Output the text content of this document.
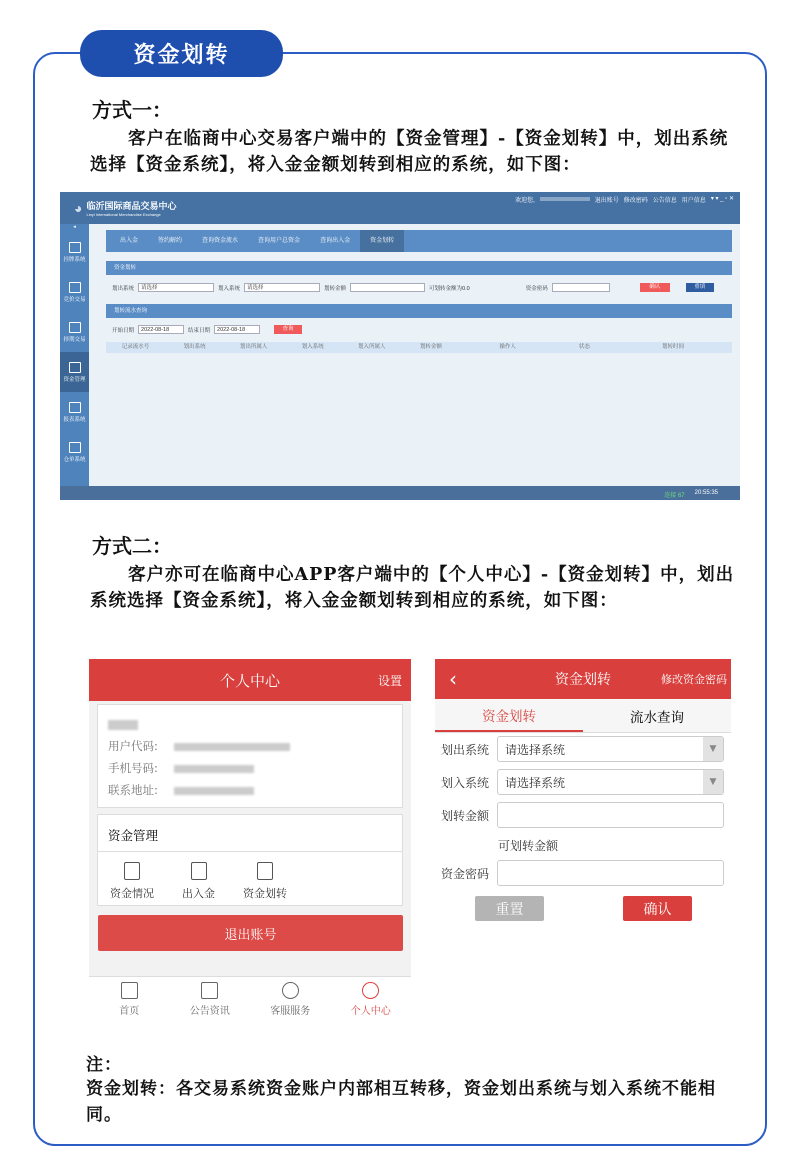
资金划转
方式一：
客户在临商中心交易客户端中的【资金管理】-【资金划转】中，划出系统选择【资金系统】，将入金金额划转到相应的系统，如下图：
◕ 临沂国际商品交易中心
Linyi International Merchandise Exchange
欢迎您,	退出账号 修改密码 公告信息 用户信息 ▾ ▾ _ ▫ ✕
◂
挂牌系统
竞价交易
择期交易
资金管理
报表系统
仓单系统
出入金	签约解约	查询资金流水	查询用户总资金	查询出入金	资金划转
资金划转
划出系统	请选择	划入系统	请选择	划转金额	可划转金额为0.0	资金密码	确认	重填
划转流水查询
开始日期	2022-08-18	结束日期	2022-08-18	查询
记录流水号	划出系统	划出所属人	划入系统	划入所属人	划转金额	操作人	状态	划转时间
连接 67 20:55:35
方式二：
客户亦可在临商中心APP客户端中的【个人中心】-【资金划转】中，划出系统选择【资金系统】，将入金金额划转到相应的系统，如下图：
个人中心	设置
用户代码:
手机号码:
联系地址:
资金管理
资金情况	出入金	资金划转
退出账号
首页	公告资讯	客服服务	个人中心
‹	资金划转	修改资金密码
资金划转	流水查询
划出系统	请选择系统	▼
划入系统	请选择系统	▼
划转金额
可划转金额
资金密码
重置	确认
注：
资金划转：各交易系统资金账户内部相互转移，资金划出系统与划入系统不能相同。
